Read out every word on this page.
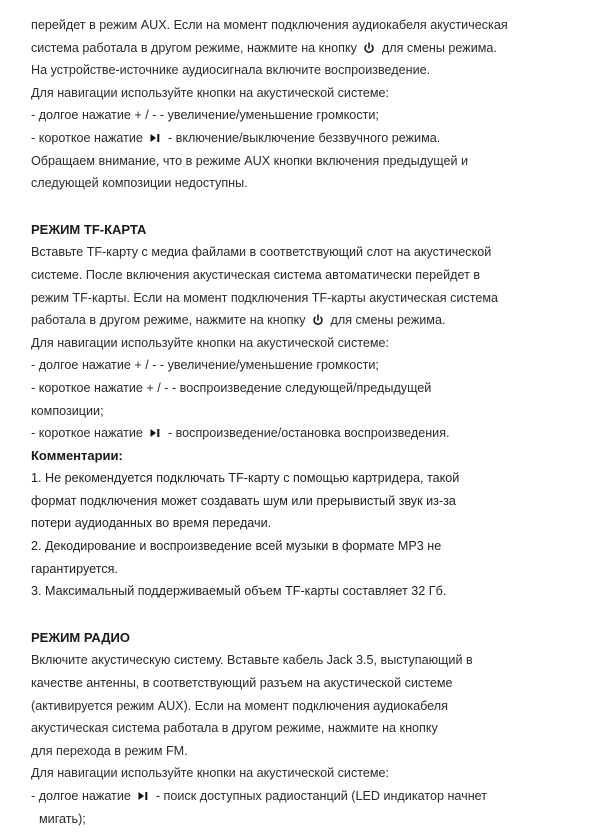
перейдет в режим AUX. Если на момент подключения аудиокабеля акустическая
система работала в другом режиме, нажмите на кнопку для смены режима.
На устройстве-источнике аудиосигнала включите воспроизведение.
Для навигации используйте кнопки на акустической системе:
- долгое нажатие + / - - увеличение/уменьшение громкости;
- короткое нажатие - включение/выключение беззвучного режима.
Обращаем внимание, что в режиме AUX кнопки включения предыдущей и
следующей композиции недоступны.
РЕЖИМ TF-КАРТА
Вставьте TF-карту с медиа файлами в соответствующий слот на акустической
системе. После включения акустическая система автоматически перейдет в
режим TF-карты. Если на момент подключения TF-карты акустическая система
работала в другом режиме, нажмите на кнопку для смены режима.
Для навигации используйте кнопки на акустической системе:
- долгое нажатие + / - - увеличение/уменьшение громкости;
- короткое нажатие + / - - воспроизведение следующей/предыдущей
композиции;
- короткое нажатие - воспроизведение/остановка воспроизведения.
Комментарии:
1. Не рекомендуется подключать TF-карту с помощью картридера, такой
формат подключения может создавать шум или прерывистый звук из-за
потери аудиоданных во время передачи.
2. Декодирование и воспроизведение всей музыки в формате MP3 не
гарантируется.
3. Максимальный поддерживаемый объем TF-карты составляет 32 Гб.
РЕЖИМ РАДИО
Включите акустическую систему. Вставьте кабель Jack 3.5, выступающий в
качестве антенны, в соответствующий разъем на акустической системе
(активируется режим AUX). Если на момент подключения аудиокабеля
акустическая система работала в другом режиме, нажмите на кнопку
для перехода в режим FM.
Для навигации используйте кнопки на акустической системе:
- долгое нажатие - поиск доступных радиостанций (LED индикатор начнет
мигать);
